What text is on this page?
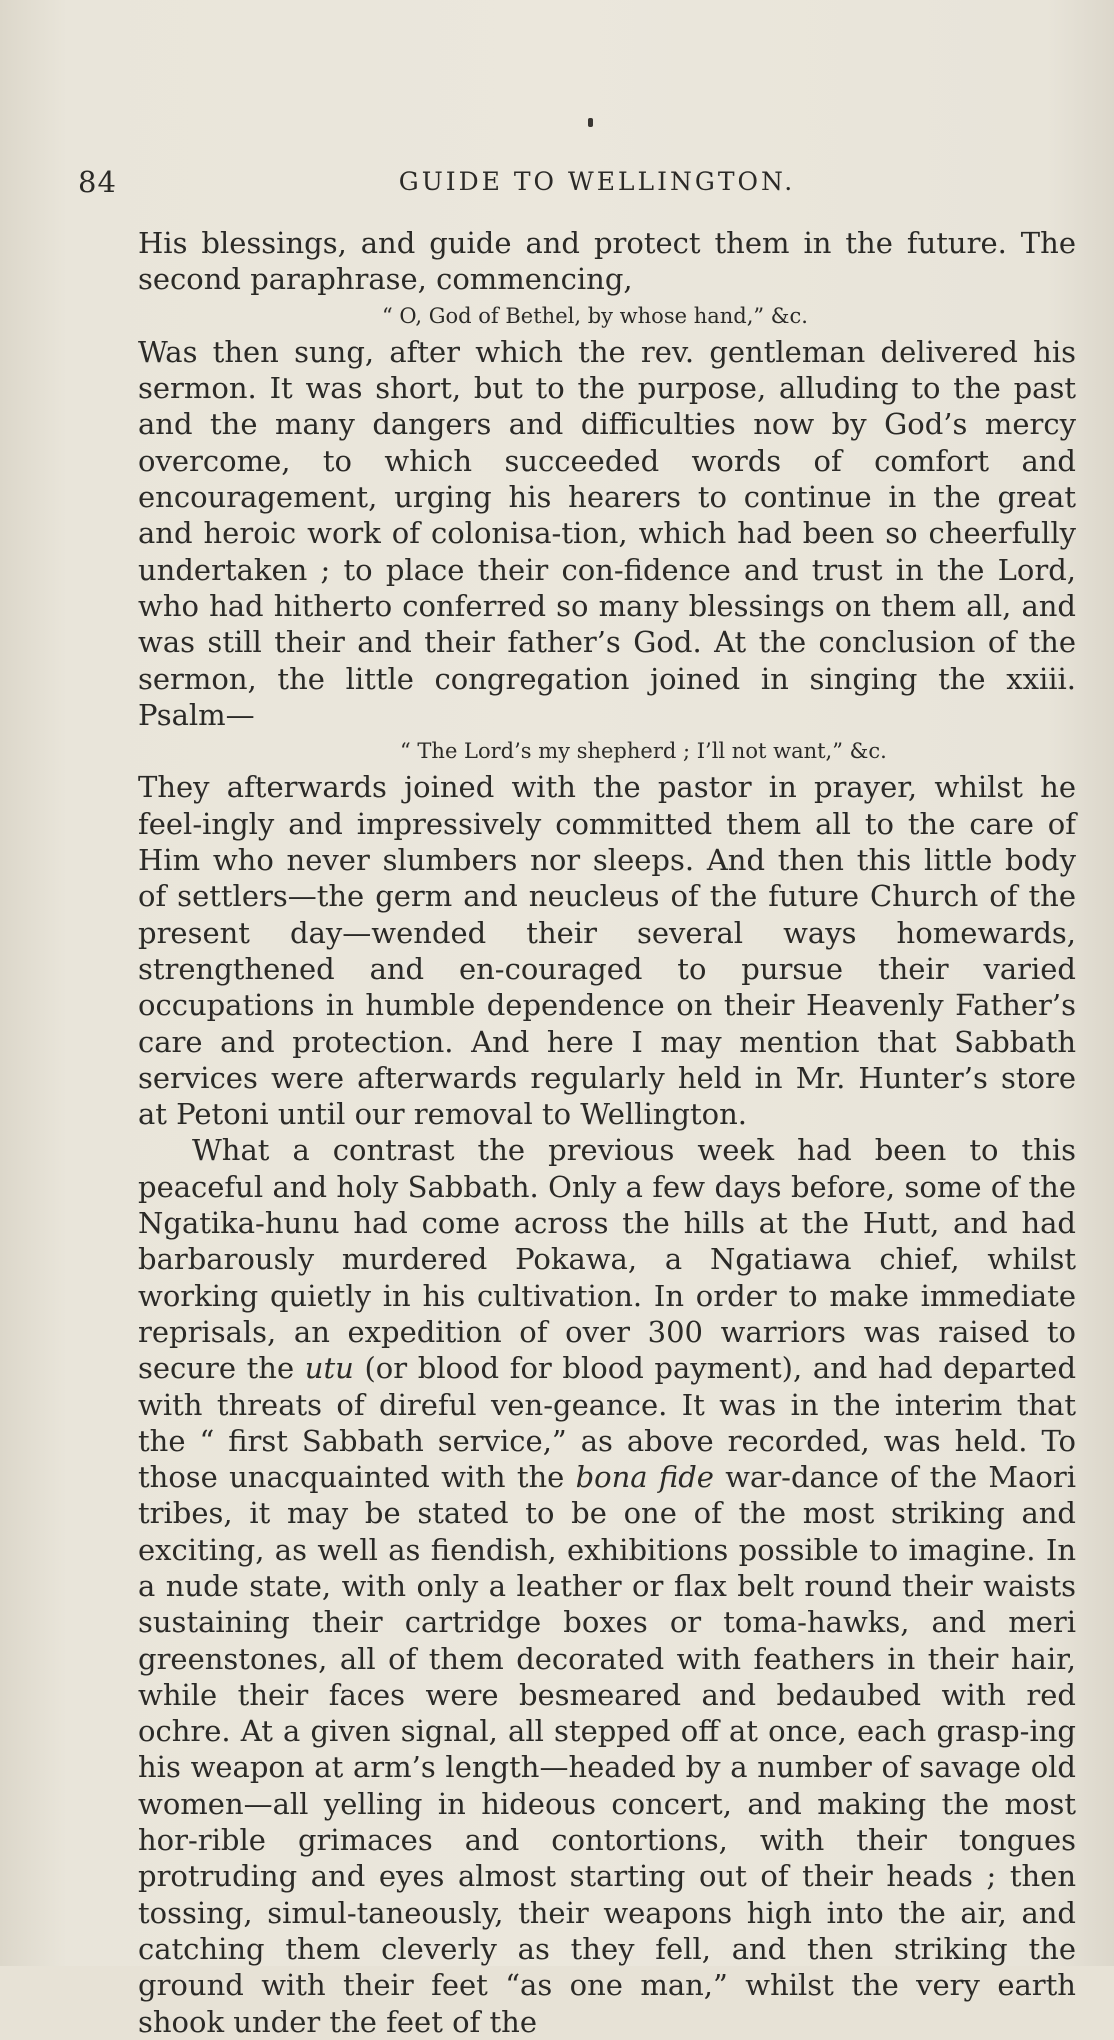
84	GUIDE TO WELLINGTON.

His blessings, and guide and protect them in the future. The second paraphrase, commencing,

“ O, God of Bethel, by whose hand,” &c.

Was then sung, after which the rev. gentleman delivered his sermon. It was short, but to the purpose, alluding to the past and the many dangers and difficulties now by God’s mercy overcome, to which succeeded words of comfort and encouragement, urging his hearers to continue in the great and heroic work of colonisa-tion, which had been so cheerfully undertaken ; to place their con-fidence and trust in the Lord, who had hitherto conferred so many blessings on them all, and was still their and their father’s God. At the conclusion of the sermon, the little congregation joined in singing the xxiii. Psalm—

“ The Lord’s my shepherd ; I’ll not want,” &c.

They afterwards joined with the pastor in prayer, whilst he feel-ingly and impressively committed them all to the care of Him who never slumbers nor sleeps. And then this little body of settlers—the germ and neucleus of the future Church of the present day—wended their several ways homewards, strengthened and en-couraged to pursue their varied occupations in humble dependence on their Heavenly Father’s care and protection. And here I may mention that Sabbath services were afterwards regularly held in Mr. Hunter’s store at Petoni until our removal to Wellington.

What a contrast the previous week had been to this peaceful and holy Sabbath. Only a few days before, some of the Ngatika-hunu had come across the hills at the Hutt, and had barbarously murdered Pokawa, a Ngatiawa chief, whilst working quietly in his cultivation. In order to make immediate reprisals, an expedition of over 300 warriors was raised to secure the utu (or blood for blood payment), and had departed with threats of direful ven-geance. It was in the interim that the “ first Sabbath service,” as above recorded, was held. To those unacquainted with the bona fide war-dance of the Maori tribes, it may be stated to be one of the most striking and exciting, as well as fiendish, exhibitions possible to imagine. In a nude state, with only a leather or flax belt round their waists sustaining their cartridge boxes or toma-hawks, and meri greenstones, all of them decorated with feathers in their hair, while their faces were besmeared and bedaubed with red ochre. At a given signal, all stepped off at once, each grasp-ing his weapon at arm’s length—headed by a number of savage old women—all yelling in hideous concert, and making the most hor-rible grimaces and contortions, with their tongues protruding and eyes almost starting out of their heads ; then tossing, simul-taneously, their weapons high into the air, and catching them cleverly as they fell, and then striking the ground with their feet “as one man,” whilst the very earth shook under the feet of the
